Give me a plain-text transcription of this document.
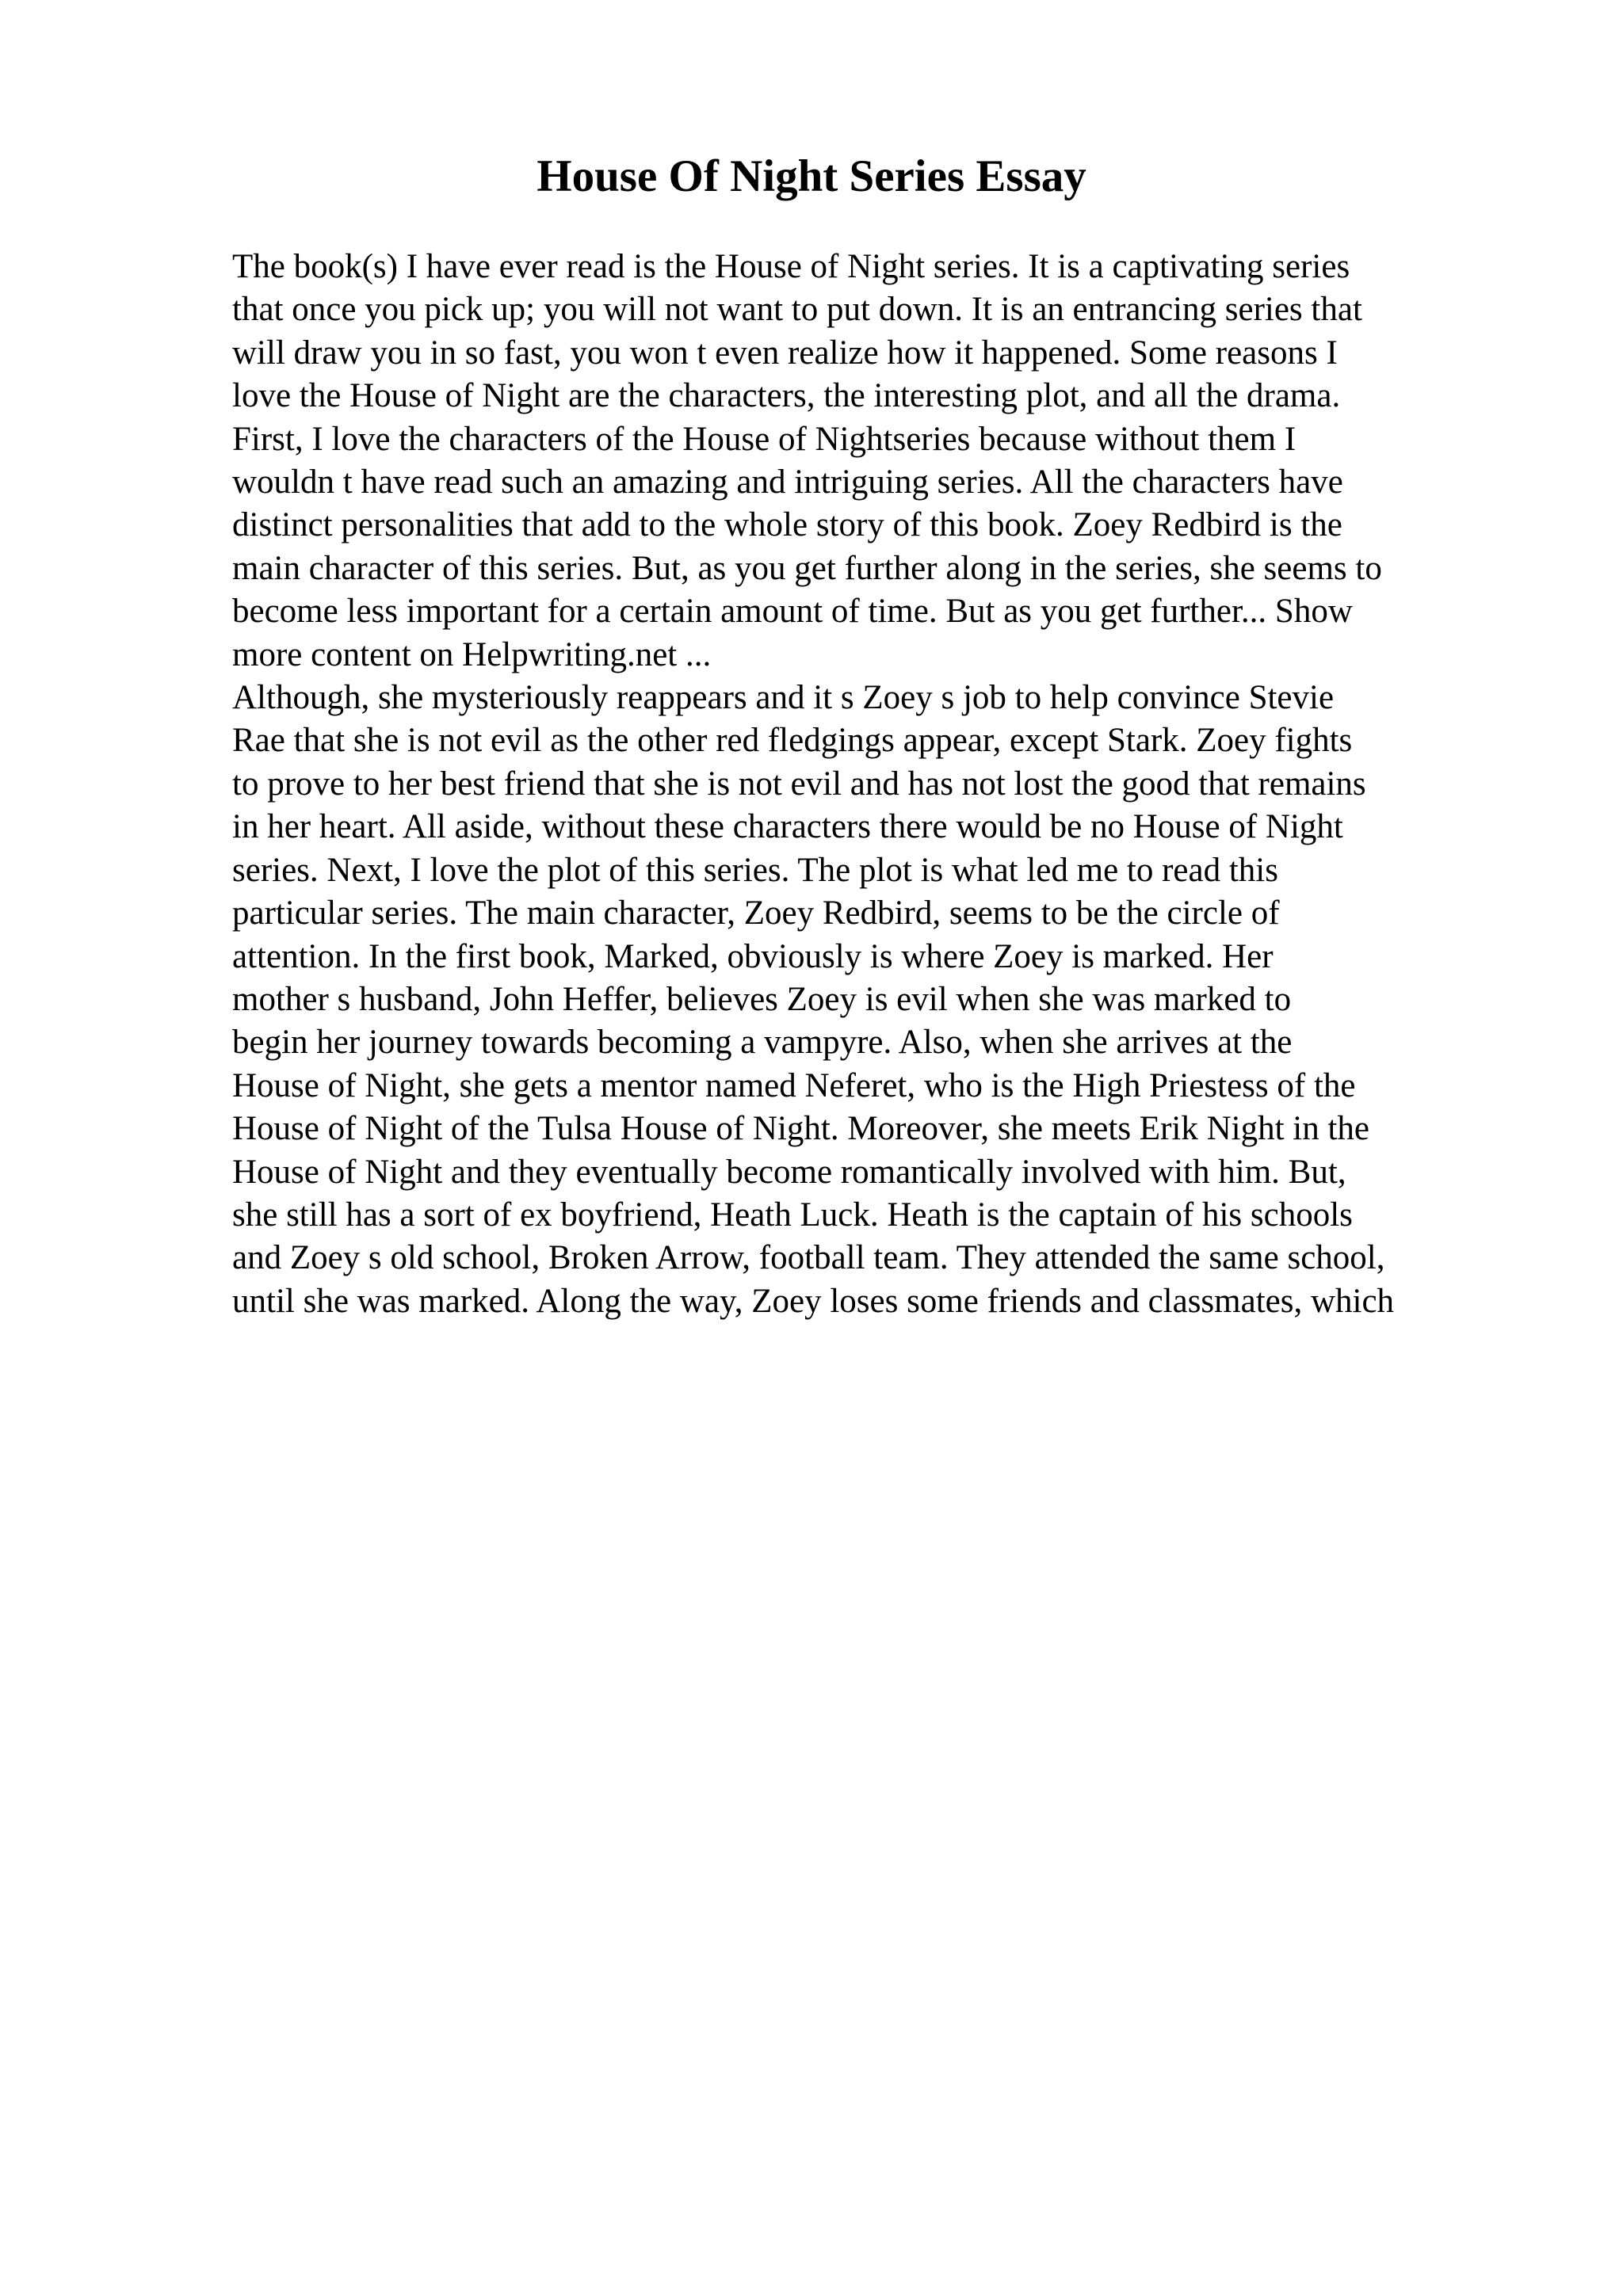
House Of Night Series Essay
The book(s) I have ever read is the House of Night series. It is a captivating series
that once you pick up; you will not want to put down. It is an entrancing series that
will draw you in so fast, you won t even realize how it happened. Some reasons I
love the House of Night are the characters, the interesting plot, and all the drama.
First, I love the characters of the House of Nightseries because without them I
wouldn t have read such an amazing and intriguing series. All the characters have
distinct personalities that add to the whole story of this book. Zoey Redbird is the
main character of this series. But, as you get further along in the series, she seems to
become less important for a certain amount of time. But as you get further... Show
more content on Helpwriting.net ...
Although, she mysteriously reappears and it s Zoey s job to help convince Stevie
Rae that she is not evil as the other red fledgings appear, except Stark. Zoey fights
to prove to her best friend that she is not evil and has not lost the good that remains
in her heart. All aside, without these characters there would be no House of Night
series. Next, I love the plot of this series. The plot is what led me to read this
particular series. The main character, Zoey Redbird, seems to be the circle of
attention. In the first book, Marked, obviously is where Zoey is marked. Her
mother s husband, John Heffer, believes Zoey is evil when she was marked to
begin her journey towards becoming a vampyre. Also, when she arrives at the
House of Night, she gets a mentor named Neferet, who is the High Priestess of the
House of Night of the Tulsa House of Night. Moreover, she meets Erik Night in the
House of Night and they eventually become romantically involved with him. But,
she still has a sort of ex boyfriend, Heath Luck. Heath is the captain of his schools
and Zoey s old school, Broken Arrow, football team. They attended the same school,
until she was marked. Along the way, Zoey loses some friends and classmates, which
